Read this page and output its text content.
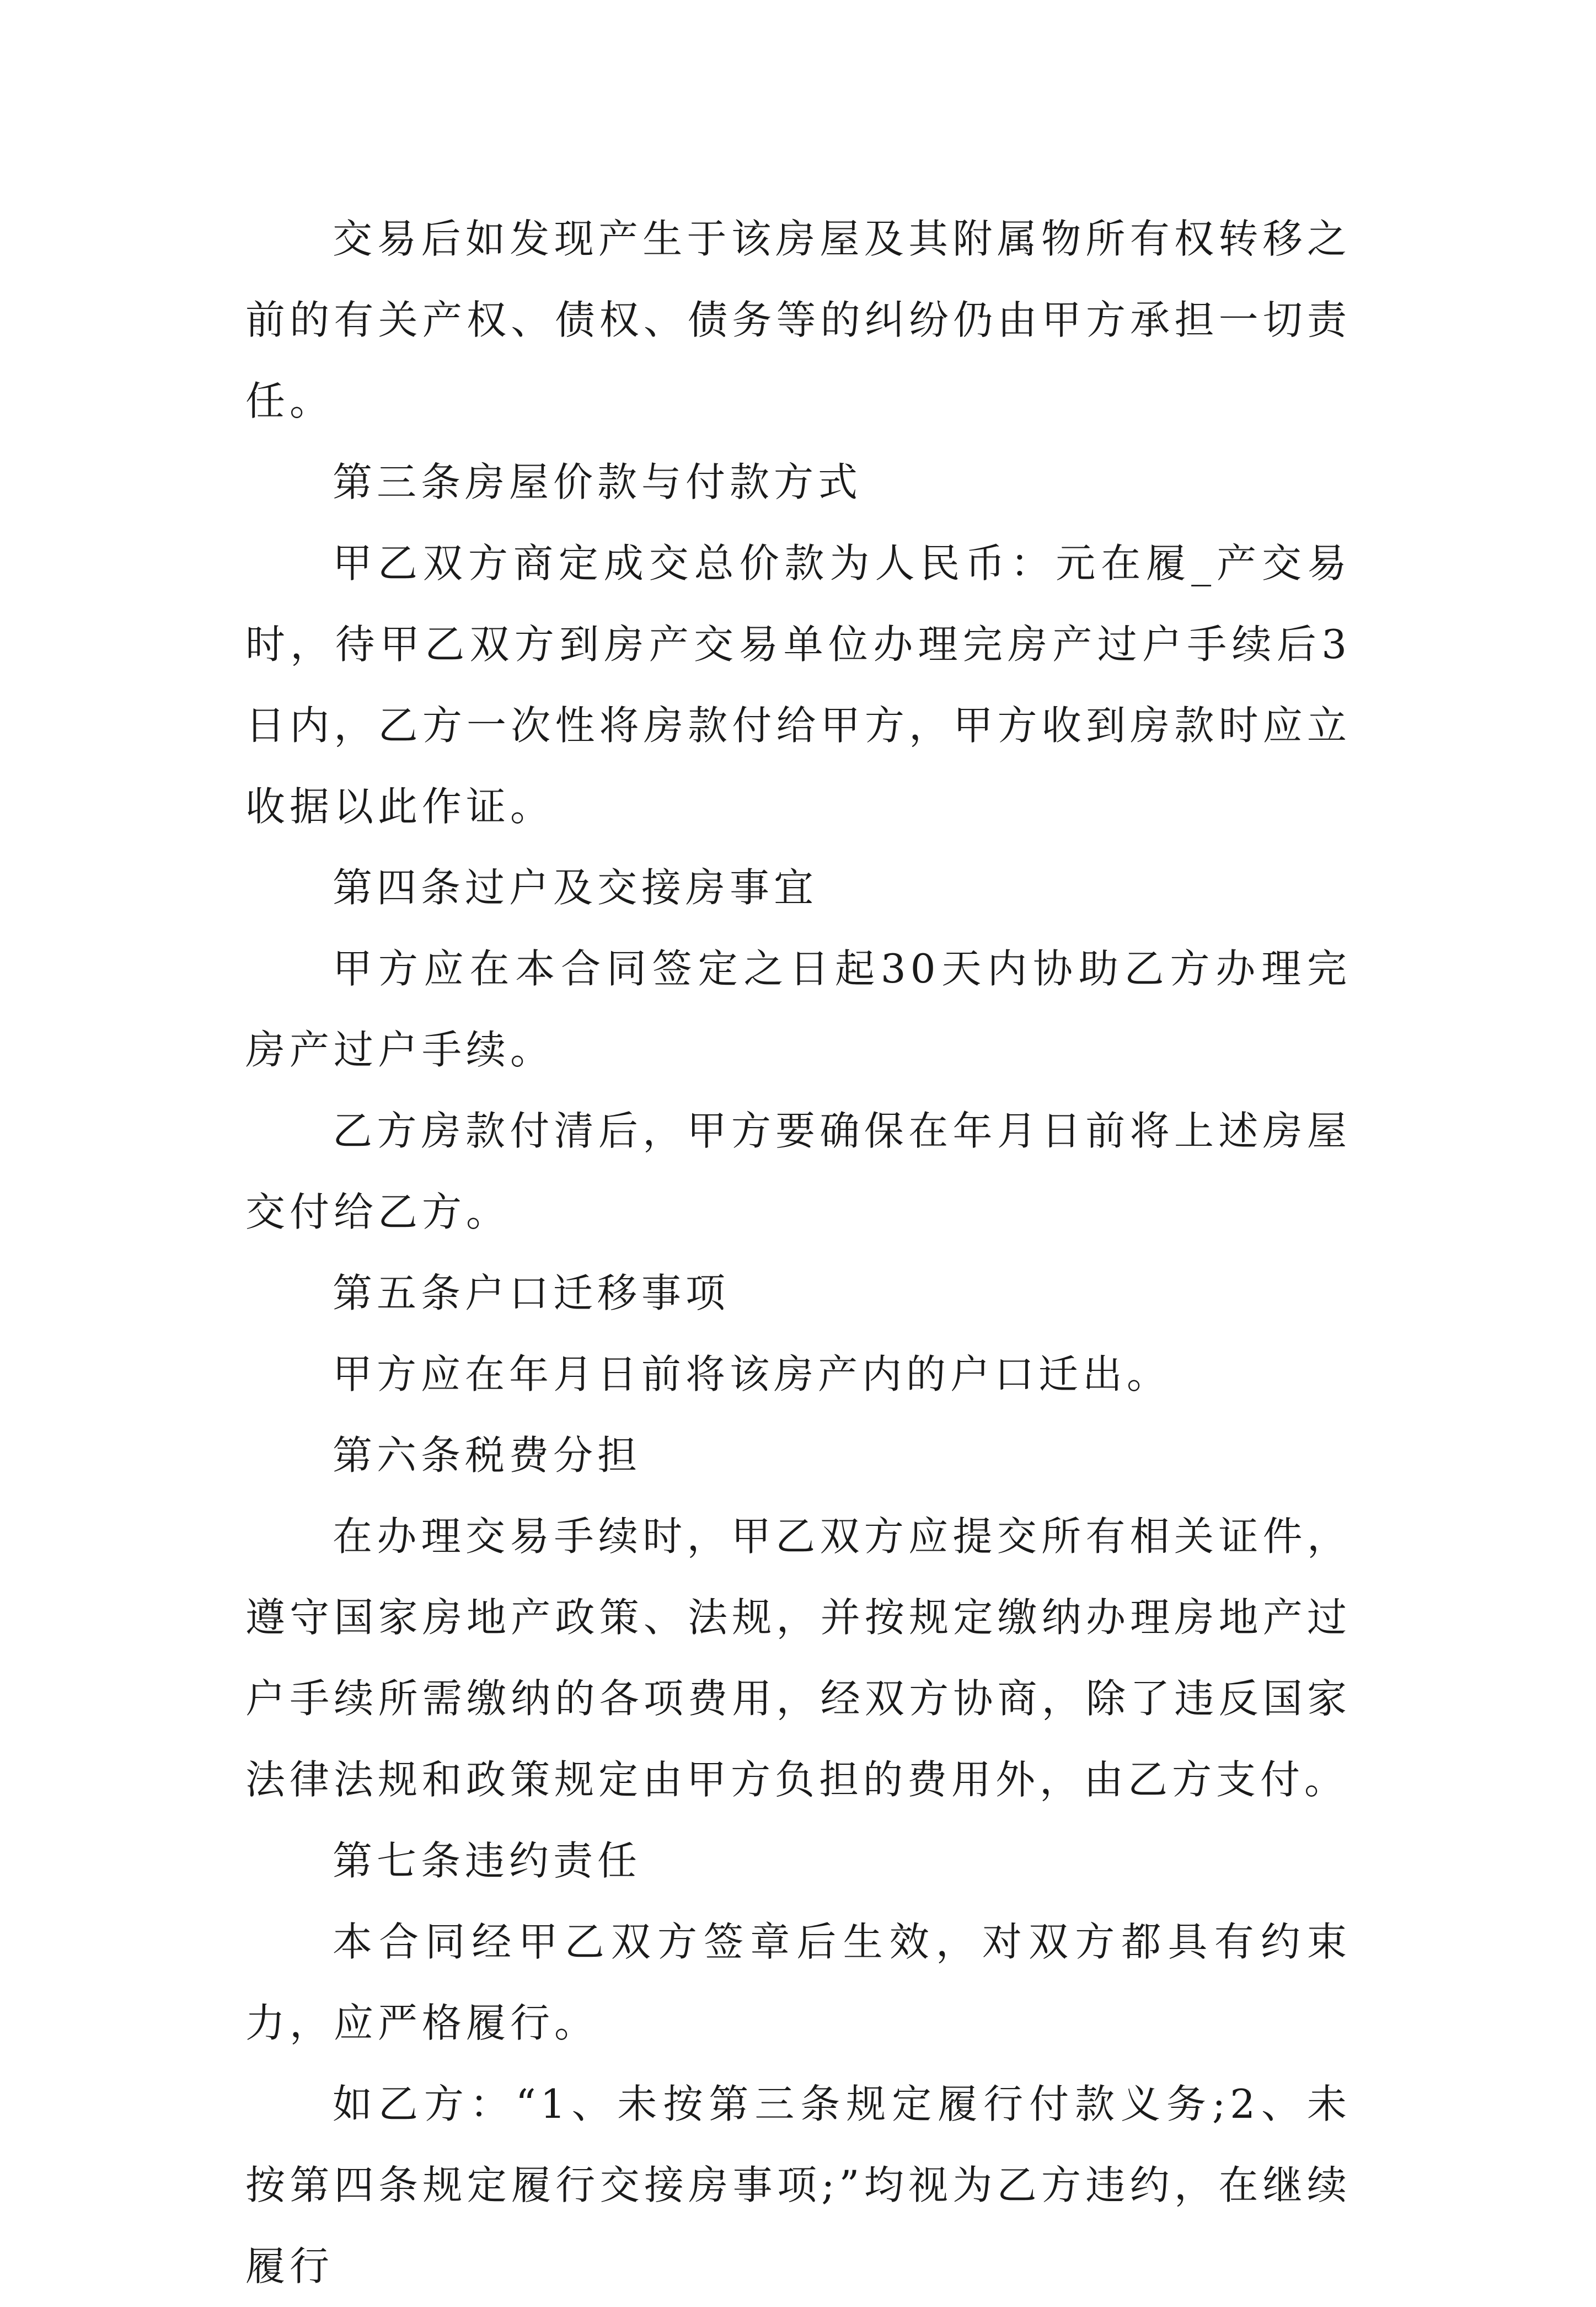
交易后如发现产生于该房屋及其附属物所有权转移之前的有关产权、债权、债务等的纠纷仍由甲方承担一切责任。

第三条房屋价款与付款方式

甲乙双方商定成交总价款为人民币：元在履_产交易时，待甲乙双方到房产交易单位办理完房产过户手续后3日内，乙方一次性将房款付给甲方，甲方收到房款时应立收据以此作证。

第四条过户及交接房事宜

甲方应在本合同签定之日起30天内协助乙方办理完房产过户手续。

乙方房款付清后，甲方要确保在年月日前将上述房屋交付给乙方。

第五条户口迁移事项

甲方应在年月日前将该房产内的户口迁出。

第六条税费分担

在办理交易手续时，甲乙双方应提交所有相关证件，遵守国家房地产政策、法规，并按规定缴纳办理房地产过户手续所需缴纳的各项费用，经双方协商，除了违反国家法律法规和政策规定由甲方负担的费用外，由乙方支付。

第七条违约责任

本合同经甲乙双方签章后生效，对双方都具有约束力，应严格履行。

如乙方：“1、未按第三条规定履行付款义务;2、未按第四条规定履行交接房事项;”均视为乙方违约，在继续履行
